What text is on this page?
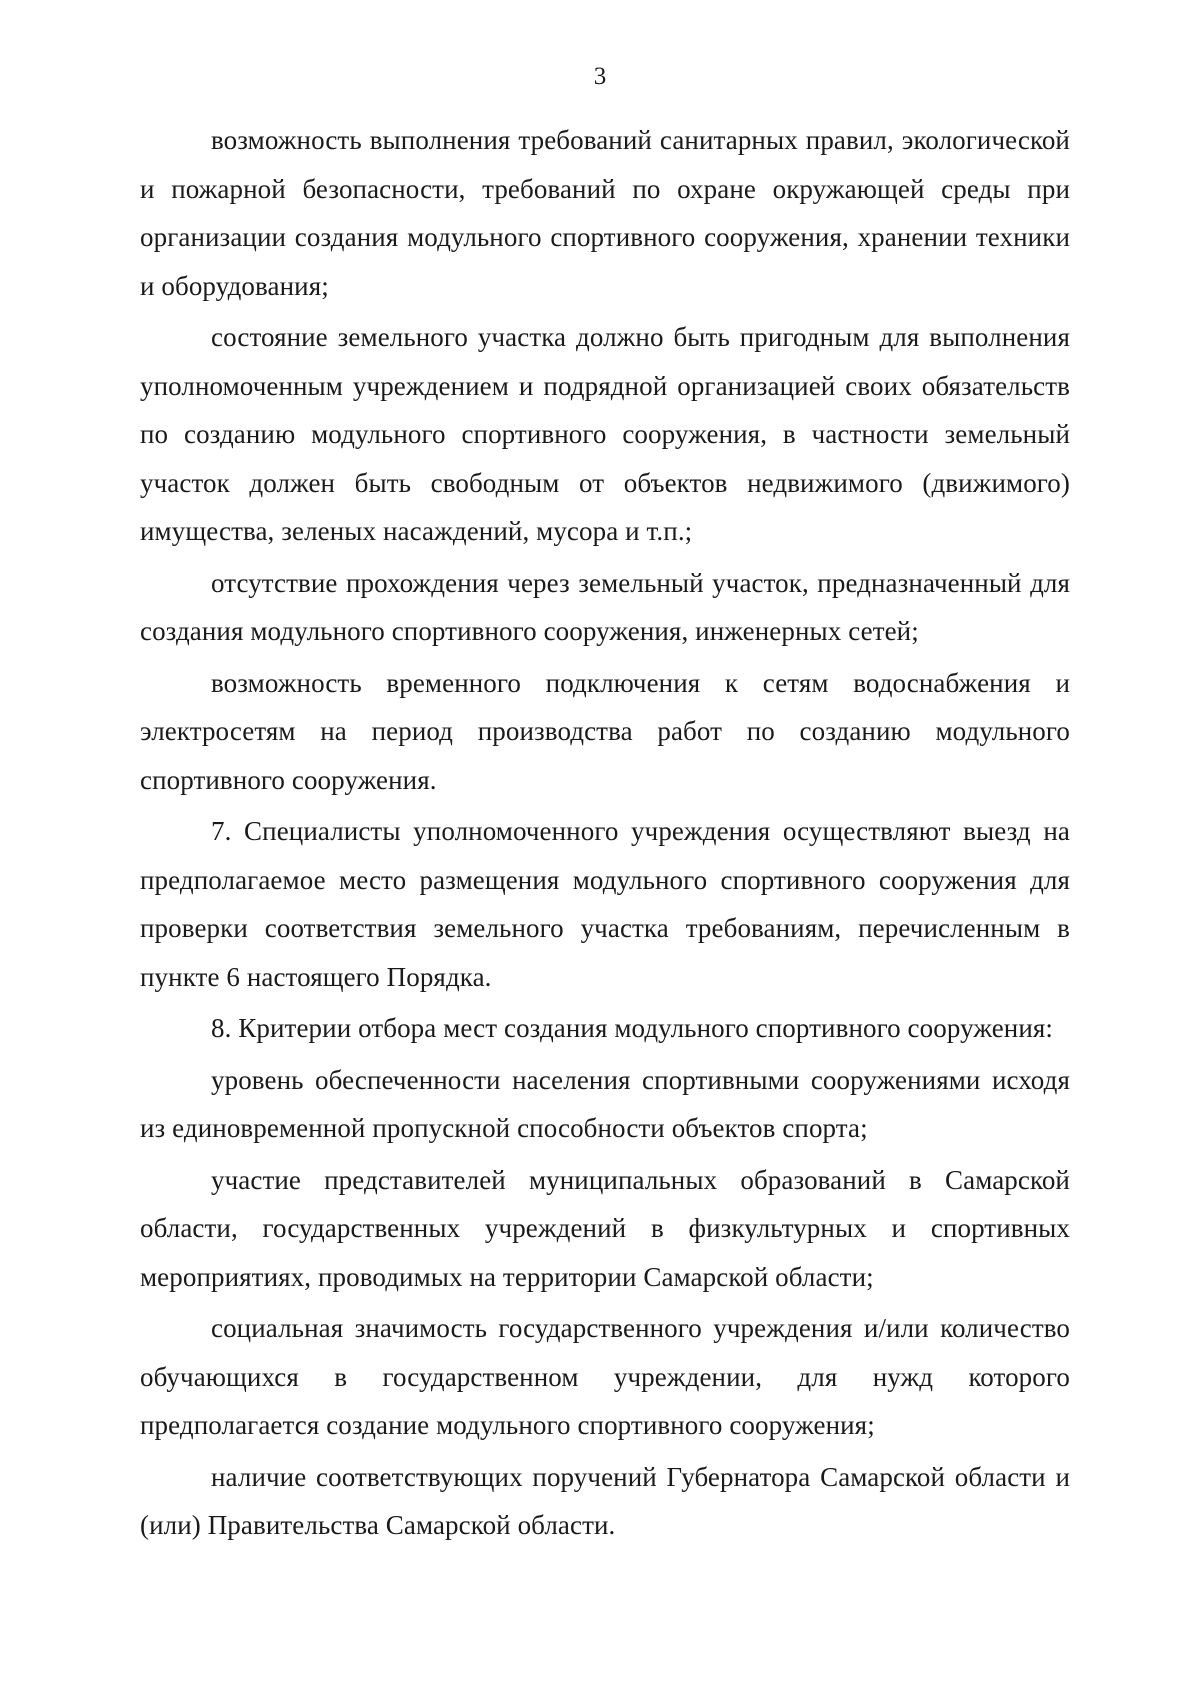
3

возможность выполнения требований санитарных правил, экологической и пожарной безопасности, требований по охране окружающей среды при организации создания модульного спортивного сооружения, хранении техники и оборудования;

состояние земельного участка должно быть пригодным для выполнения уполномоченным учреждением и подрядной организацией своих обязательств по созданию модульного спортивного сооружения, в частности земельный участок должен быть свободным от объектов недвижимого (движимого) имущества, зеленых насаждений, мусора и т.п.;

отсутствие прохождения через земельный участок, предназначенный для создания модульного спортивного сооружения, инженерных сетей;

возможность временного подключения к сетям водоснабжения и электросетям на период производства работ по созданию модульного спортивного сооружения.

7. Специалисты уполномоченного учреждения осуществляют выезд на предполагаемое место размещения модульного спортивного сооружения для проверки соответствия земельного участка требованиям, перечисленным в пункте 6 настоящего Порядка.

8. Критерии отбора мест создания модульного спортивного сооружения:

уровень обеспеченности населения спортивными сооружениями исходя из единовременной пропускной способности объектов спорта;

участие представителей муниципальных образований в Самарской области, государственных учреждений в физкультурных и спортивных мероприятиях, проводимых на территории Самарской области;

социальная значимость государственного учреждения и/или количество обучающихся в государственном учреждении, для нужд которого предполагается создание модульного спортивного сооружения;

наличие соответствующих поручений Губернатора Самарской области и (или) Правительства Самарской области.
